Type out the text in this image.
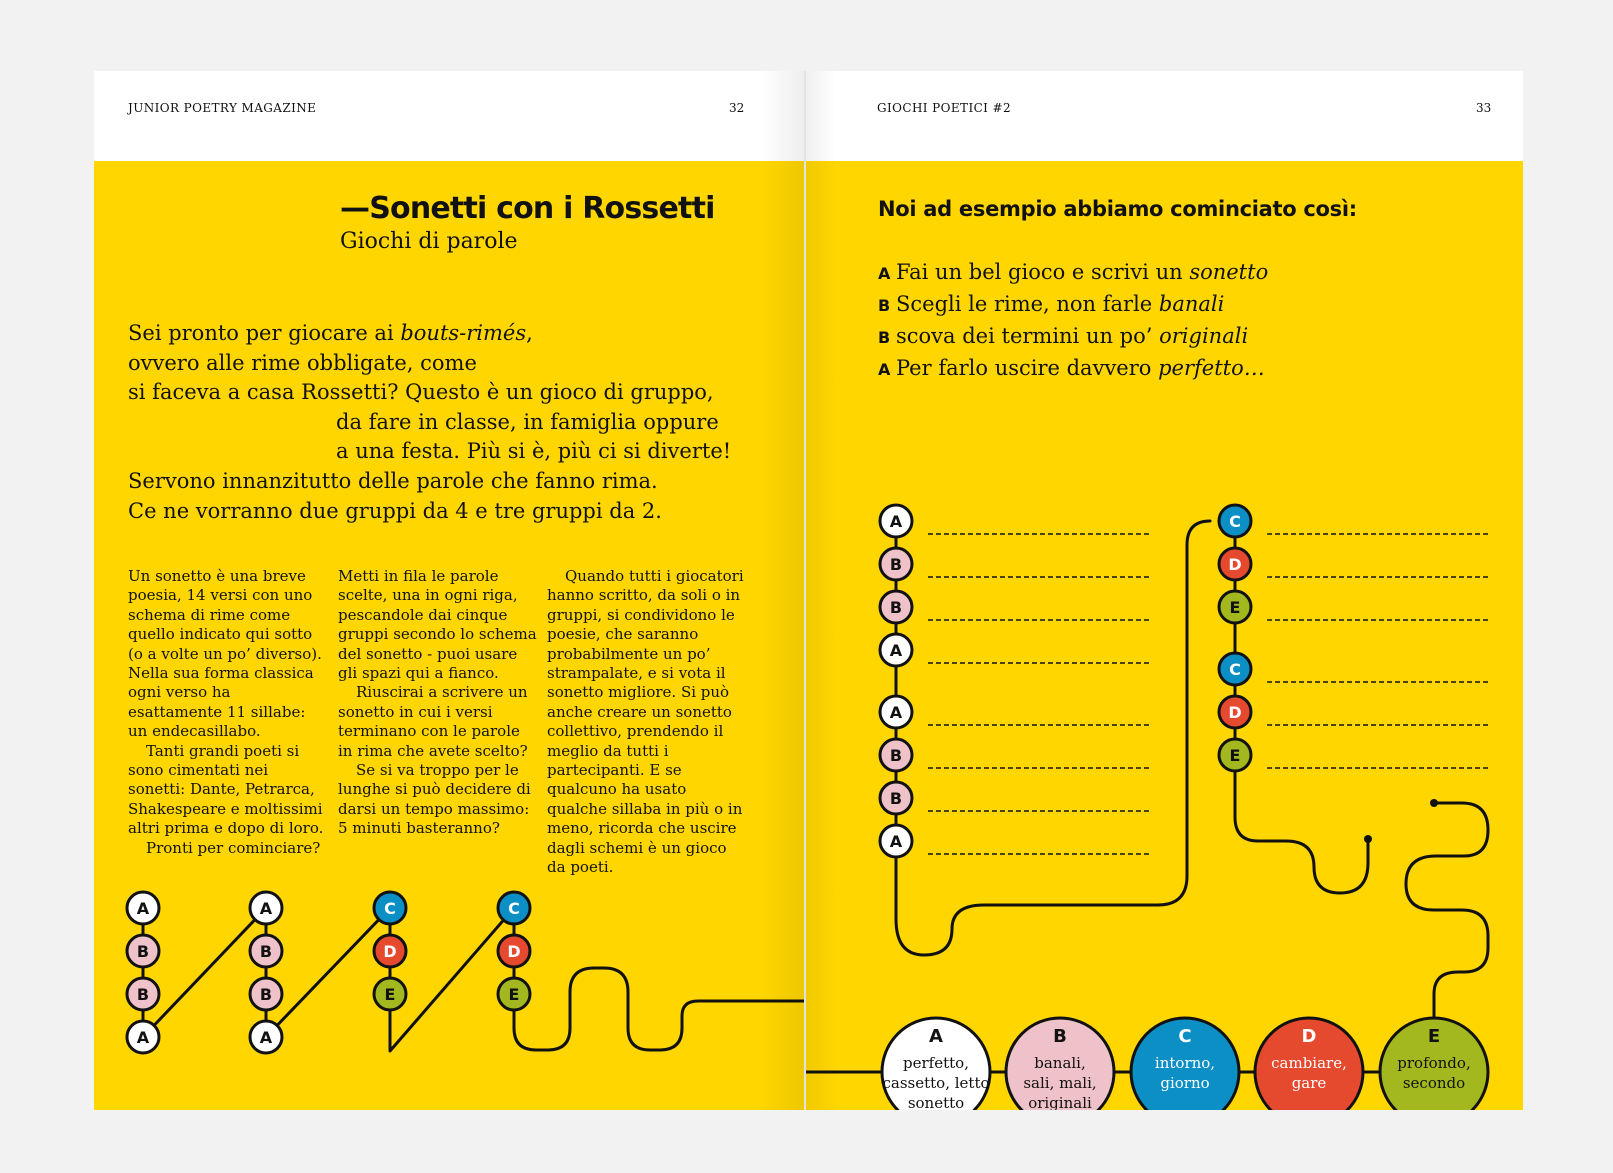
JUNIOR POETRY MAGAZINE	32
—Sonetti con i Rossetti
Giochi di parole
Sei pronto per giocare ai bouts-rimés,
ovvero alle rime obbligate, come
si faceva a casa Rossetti? Questo è un gioco di gruppo,
da fare in classe, in famiglia oppure
a una festa. Più si è, più ci si diverte!
Servono innanzitutto delle parole che fanno rima.
Ce ne vorranno due gruppi da 4 e tre gruppi da 2.

Un sonetto è una breve poesia, 14 versi con uno schema di rime come quello indicato qui sotto (o a volte un po’ diverso). Nella sua forma classica ogni verso ha esattamente 11 sillabe: un endecasillabo.

Tanti grandi poeti si sono cimentati nei sonetti: Dante, Petrarca, Shakespeare e moltissimi altri prima e dopo di loro.

Pronti per cominciare?

Metti in fila le parole scelte, una in ogni riga, pescandole dai cinque gruppi secondo lo schema del sonetto - puoi usare gli spazi qui a fianco.

Riuscirai a scrivere un sonetto in cui i versi terminano con le parole in rima che avete scelto?

Se si va troppo per le lunghe si può decidere di darsi un tempo massimo: 5 minuti basteranno?

Quando tutti i giocatori hanno scritto, da soli o in gruppi, si condividono le poesie, che saranno probabilmente un po’ strampalate, e si vota il sonetto migliore. Si può anche creare un sonetto collettivo, prendendo il meglio da tutti i partecipanti. E se qualcuno ha usato qualche sillaba in più o in meno, ricorda che uscire dagli schemi è un gioco da poeti.

A
B
B
A
A
B
B
A
C
D
E
C
D
E
GIOCHI POETICI #2	33
Noi ad esempio abbiamo cominciato così:
A Fai un bel gioco e scrivi un sonetto
B Scegli le rime, non farle banali
B scova dei termini un po’ originali
A Per farlo uscire davvero perfetto…
A
B
B
A
A
B
B
A
C
D
E
C
D
E
A
perfetto,
cassetto, letto
sonetto
B
banali,
sali, mali,
originali
C
intorno,
giorno
D
cambiare,
gare
E
profondo,
secondo
